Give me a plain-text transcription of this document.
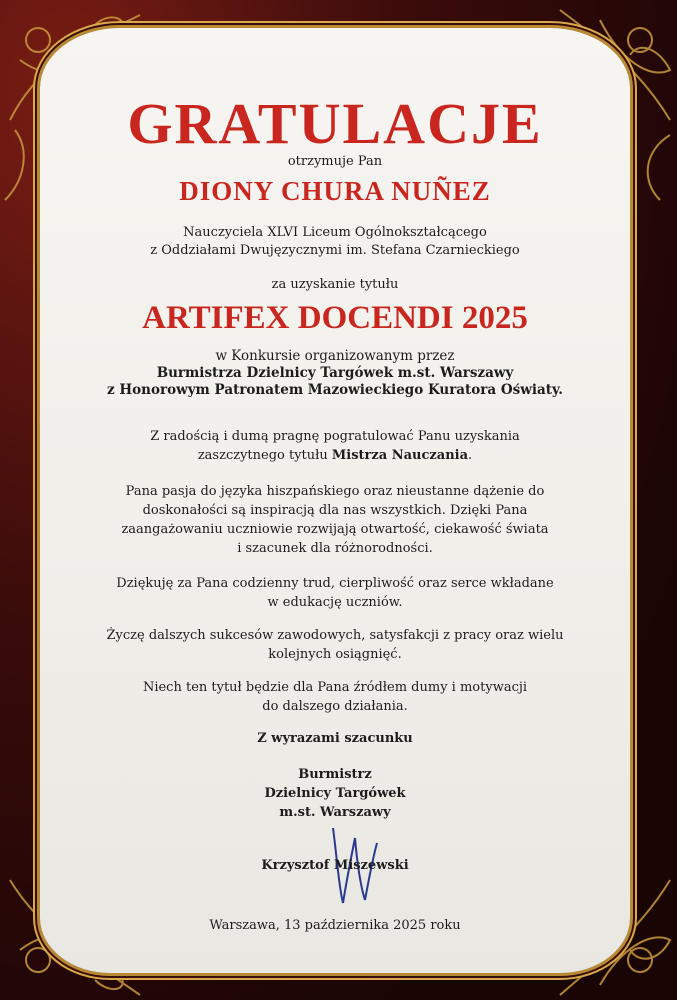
GRATULACJE
otrzymuje Pan
DIONY CHURA NUÑEZ
Nauczyciela XLVI Liceum Ogólnokształcącego
z Oddziałami Dwujęzycznymi im. Stefana Czarnieckiego
za uzyskanie tytułu
ARTIFEX DOCENDI 2025
w Konkursie organizowanym przez
Burmistrza Dzielnicy Targówek m.st. Warszawy
z Honorowym Patronatem Mazowieckiego Kuratora Oświaty.
Z radością i dumą pragnę pogratulować Panu uzyskania
zaszczytnego tytułu Mistrza Nauczania.
Pana pasja do języka hiszpańskiego oraz nieustanne dążenie do
doskonałości są inspiracją dla nas wszystkich. Dzięki Pana
zaangażowaniu uczniowie rozwijają otwartość, ciekawość świata
i szacunek dla różnorodności.
Dziękuję za Pana codzienny trud, cierpliwość oraz serce wkładane
w edukację uczniów.
Życzę dalszych sukcesów zawodowych, satysfakcji z pracy oraz wielu
kolejnych osiągnięć.
Niech ten tytuł będzie dla Pana źródłem dumy i motywacji
do dalszego działania.
Z wyrazami szacunku
Burmistrz
Dzielnicy Targówek
m.st. Warszawy
Krzysztof Miszewski
Warszawa, 13 października 2025 roku
